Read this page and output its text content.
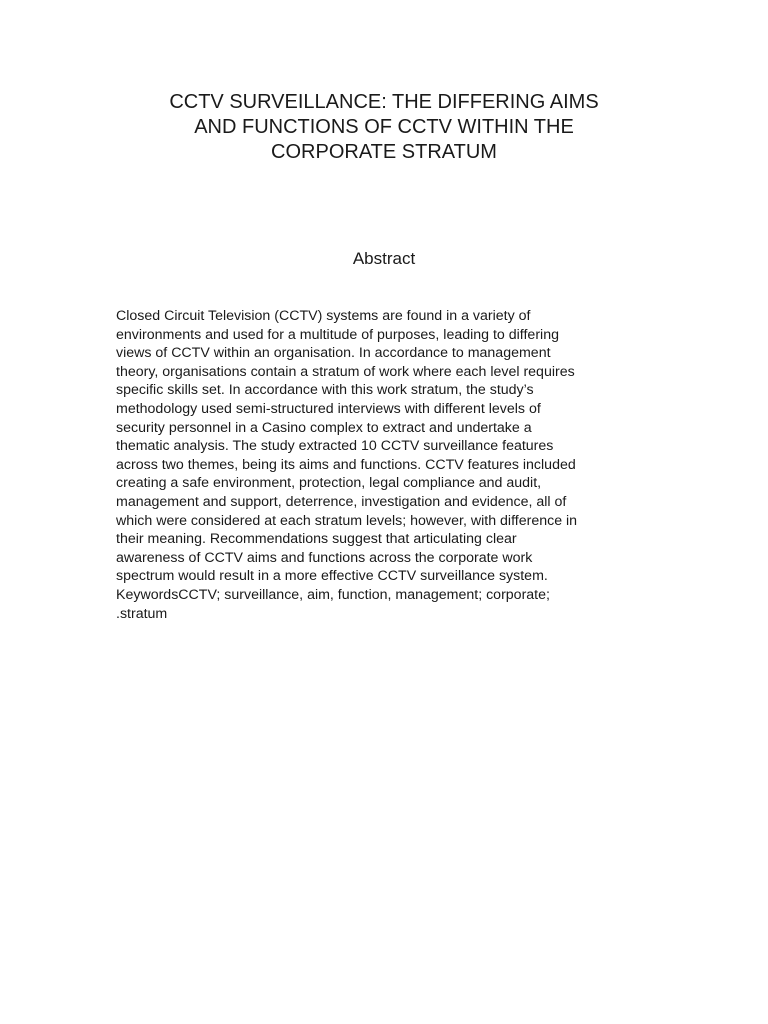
CCTV SURVEILLANCE: THE DIFFERING AIMS
AND FUNCTIONS OF CCTV WITHIN THE
CORPORATE STRATUM
Abstract
Closed Circuit Television (CCTV) systems are found in a variety of
environments and used for a multitude of purposes, leading to differing
views of CCTV within an organisation. In accordance to management
theory, organisations contain a stratum of work where each level requires
specific skills set. In accordance with this work stratum, the study’s
methodology used semi-structured interviews with different levels of
security personnel in a Casino complex to extract and undertake a
thematic analysis. The study extracted 10 CCTV surveillance features
across two themes, being its aims and functions. CCTV features included
creating a safe environment, protection, legal compliance and audit,
management and support, deterrence, investigation and evidence, all of
which were considered at each stratum levels; however, with difference in
their meaning. Recommendations suggest that articulating clear
awareness of CCTV aims and functions across the corporate work
spectrum would result in a more effective CCTV surveillance system.
KeywordsCCTV; surveillance, aim, function, management; corporate;
.stratum
